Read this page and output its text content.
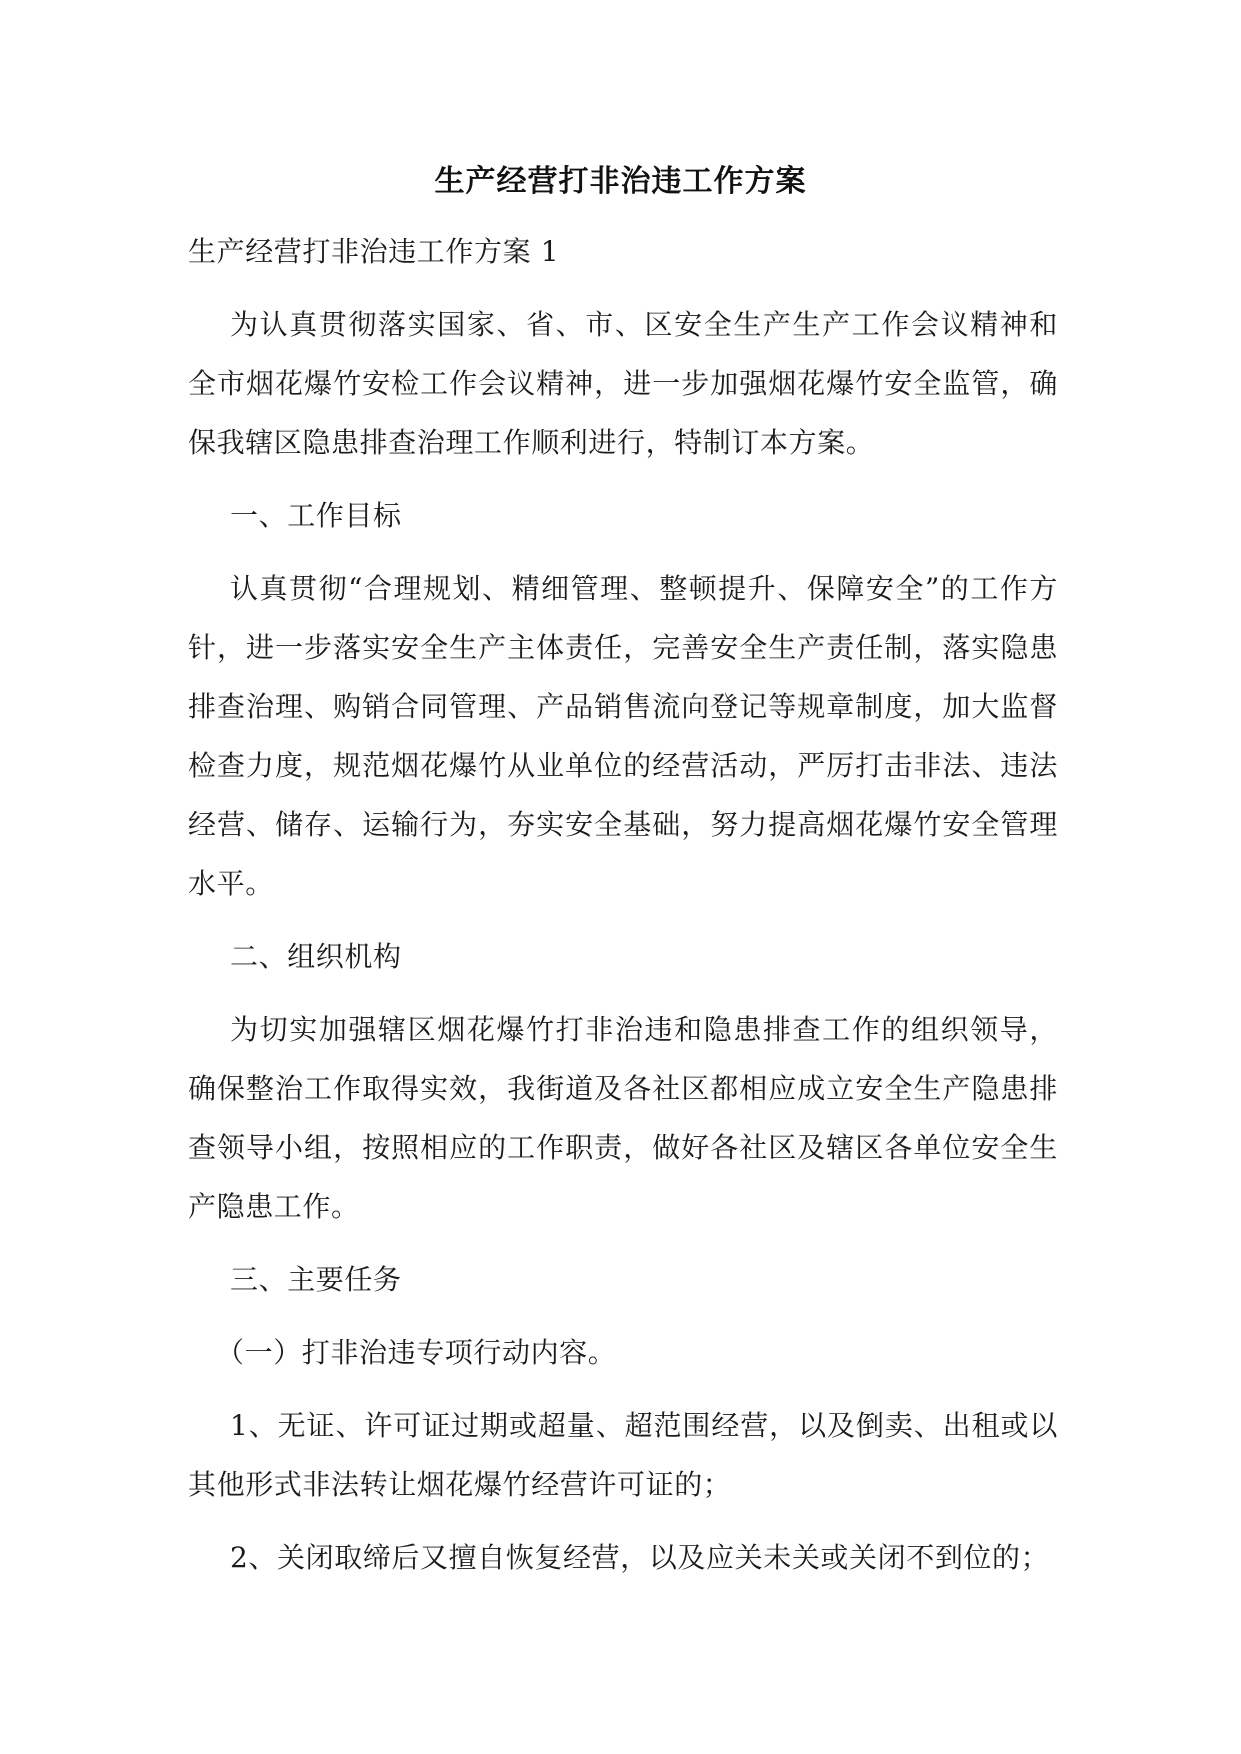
生产经营打非治违工作方案

生产经营打非治违工作方案 1

为认真贯彻落实国家、省、市、区安全生产生产工作会议精神和全市烟花爆竹安检工作会议精神，进一步加强烟花爆竹安全监管，确保我辖区隐患排查治理工作顺利进行，特制订本方案。

一、工作目标

认真贯彻“合理规划、精细管理、整顿提升、保障安全”的工作方针，进一步落实安全生产主体责任，完善安全生产责任制，落实隐患排查治理、购销合同管理、产品销售流向登记等规章制度，加大监督检查力度，规范烟花爆竹从业单位的经营活动，严厉打击非法、违法经营、储存、运输行为，夯实安全基础，努力提高烟花爆竹安全管理水平。

二、组织机构

为切实加强辖区烟花爆竹打非治违和隐患排查工作的组织领导，确保整治工作取得实效，我街道及各社区都相应成立安全生产隐患排查领导小组，按照相应的工作职责，做好各社区及辖区各单位安全生产隐患工作。

三、主要任务

（一）打非治违专项行动内容。

1、无证、许可证过期或超量、超范围经营，以及倒卖、出租或以其他形式非法转让烟花爆竹经营许可证的；

2、关闭取缔后又擅自恢复经营，以及应关未关或关闭不到位的；
